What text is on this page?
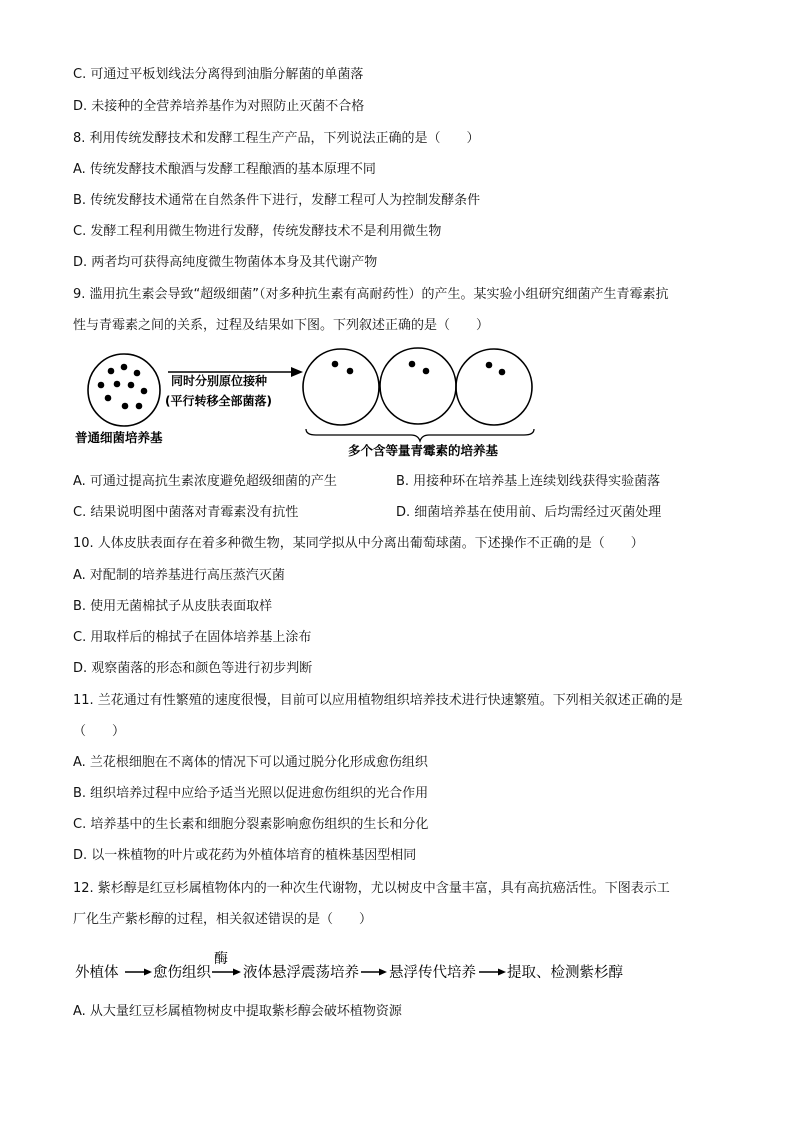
C. 可通过平板划线法分离得到油脂分解菌的单菌落
D. 未接种的全营养培养基作为对照防止灭菌不合格
8. 利用传统发酵技术和发酵工程生产产品，下列说法正确的是（　　）
A. 传统发酵技术酿酒与发酵工程酿酒的基本原理不同
B. 传统发酵技术通常在自然条件下进行，发酵工程可人为控制发酵条件
C. 发酵工程利用微生物进行发酵，传统发酵技术不是利用微生物
D. 两者均可获得高纯度微生物菌体本身及其代谢产物
9. 滥用抗生素会导致“超级细菌”（对多种抗生素有高耐药性）的产生。某实验小组研究细菌产生青霉素抗
性与青霉素之间的关系，过程及结果如下图。下列叙述正确的是（　　）
普通细菌培养基
同时分别原位接种
(平行转移全部菌落)
多个含等量青霉素的培养基
A. 可通过提高抗生素浓度避免超级细菌的产生	B. 用接种环在培养基上连续划线获得实验菌落
C. 结果说明图中菌落对青霉素没有抗性	D. 细菌培养基在使用前、后均需经过灭菌处理
10. 人体皮肤表面存在着多种微生物，某同学拟从中分离出葡萄球菌。下述操作不正确的是（　　）
A. 对配制的培养基进行高压蒸汽灭菌
B. 使用无菌棉拭子从皮肤表面取样
C. 用取样后的棉拭子在固体培养基上涂布
D. 观察菌落的形态和颜色等进行初步判断
11. 兰花通过有性繁殖的速度很慢，目前可以应用植物组织培养技术进行快速繁殖。下列相关叙述正确的是
（　　）
A. 兰花根细胞在不离体的情况下可以通过脱分化形成愈伤组织
B. 组织培养过程中应给予适当光照以促进愈伤组织的光合作用
C. 培养基中的生长素和细胞分裂素影响愈伤组织的生长和分化
D. 以一株植物的叶片或花药为外植体培育的植株基因型相同
12. 紫杉醇是红豆杉属植物体内的一种次生代谢物，尤以树皮中含量丰富，具有高抗癌活性。下图表示工
厂化生产紫杉醇的过程，相关叙述错误的是（　　）
外植体 愈伤组织
酶
液体悬浮震荡培养 悬浮传代培养 提取、检测紫杉醇
A. 从大量红豆杉属植物树皮中提取紫杉醇会破坏植物资源
